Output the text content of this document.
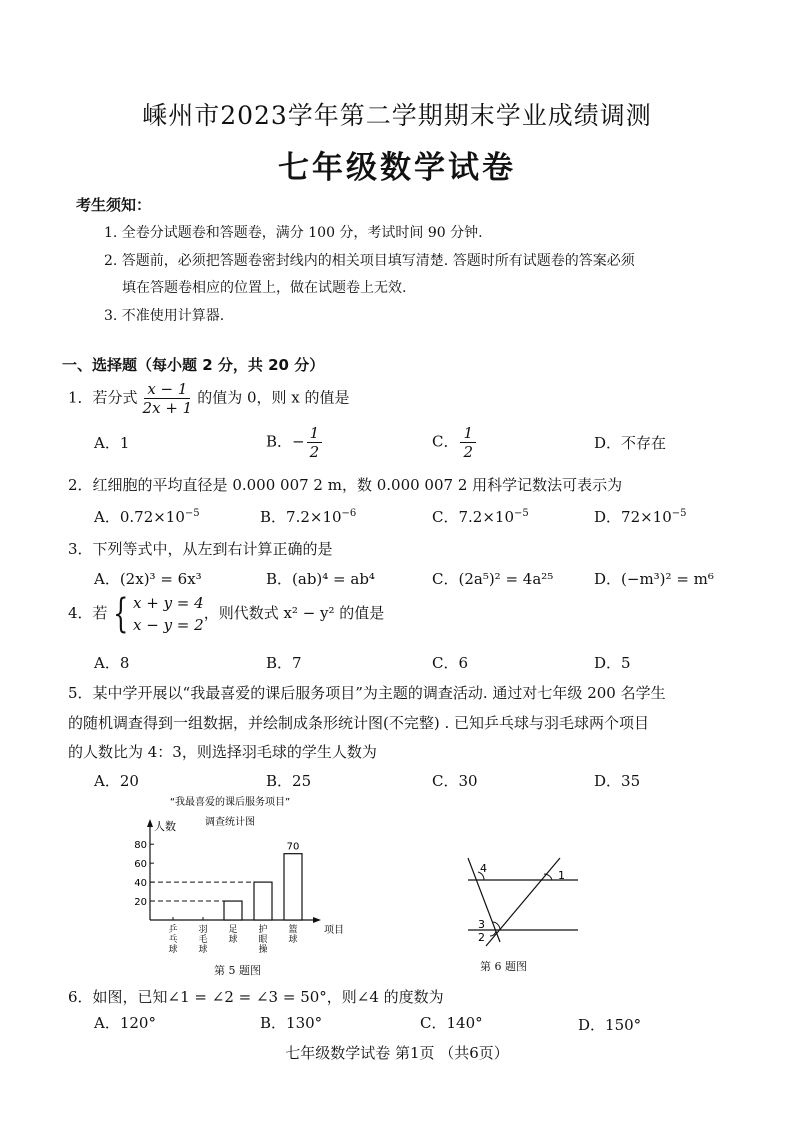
嵊州市2023学年第二学期期末学业成绩调测
七年级数学试卷
考生须知：
1. 全卷分试题卷和答题卷，满分 100 分，考试时间 90 分钟.
2. 答题前，必须把答题卷密封线内的相关项目填写清楚. 答题时所有试题卷的答案必须
填在答题卷相应的位置上，做在试题卷上无效.
3. 不准使用计算器.
一、选择题（每小题 2 分，共 20 分）
1．若分式 $\frac{x - 1}{2x + 1}$ 的值为 0，则 x 的值是
A．1	B．− $\frac{1}{2}$	C． $\frac{1}{2}$	D．不存在
2．红细胞的平均直径是 0.000 007 2 m，数 0.000 007 2 用科学记数法可表示为
A．$0.72\times 10^{-5}$	B．$7.2\times 10^{-6}$	C．$7.2\times 10^{-5}$	D．$72\times 10^{-5}$
3．下列等式中，从左到右计算正确的是
A．(2x)³ = 6x³	B．(ab)⁴ = ab⁴	C．(2a⁵)² = 4a²⁵	D．(−m³)² = m⁶
4．若 { x + y = 4
x − y = 2
，则代数式 x² − y² 的值是
A．8	B．7	C．6	D．5
5．某中学开展以“我最喜爱的课后服务项目”为主题的调查活动. 通过对七年级 200 名学生
的随机调查得到一组数据，并绘制成条形统计图(不完整) . 已知乒乓球与羽毛球两个项目
的人数比为 4：3，则选择羽毛球的学生人数为
A．20	B．25	C．30	D．35
“我最喜爱的课后服务项目”
调查统计图
人数
项目
20
40
60
80
乒乓球
羽毛球
足球
护眼操
篮球
70
第 5 题图
1
2
3
4
第 6 题图
6．如图，已知∠1 = ∠2 = ∠3 = 50°，则∠4 的度数为
A．120°	B．130°	C．140°	D．150°
七年级数学试卷 第1页 （共6页）
